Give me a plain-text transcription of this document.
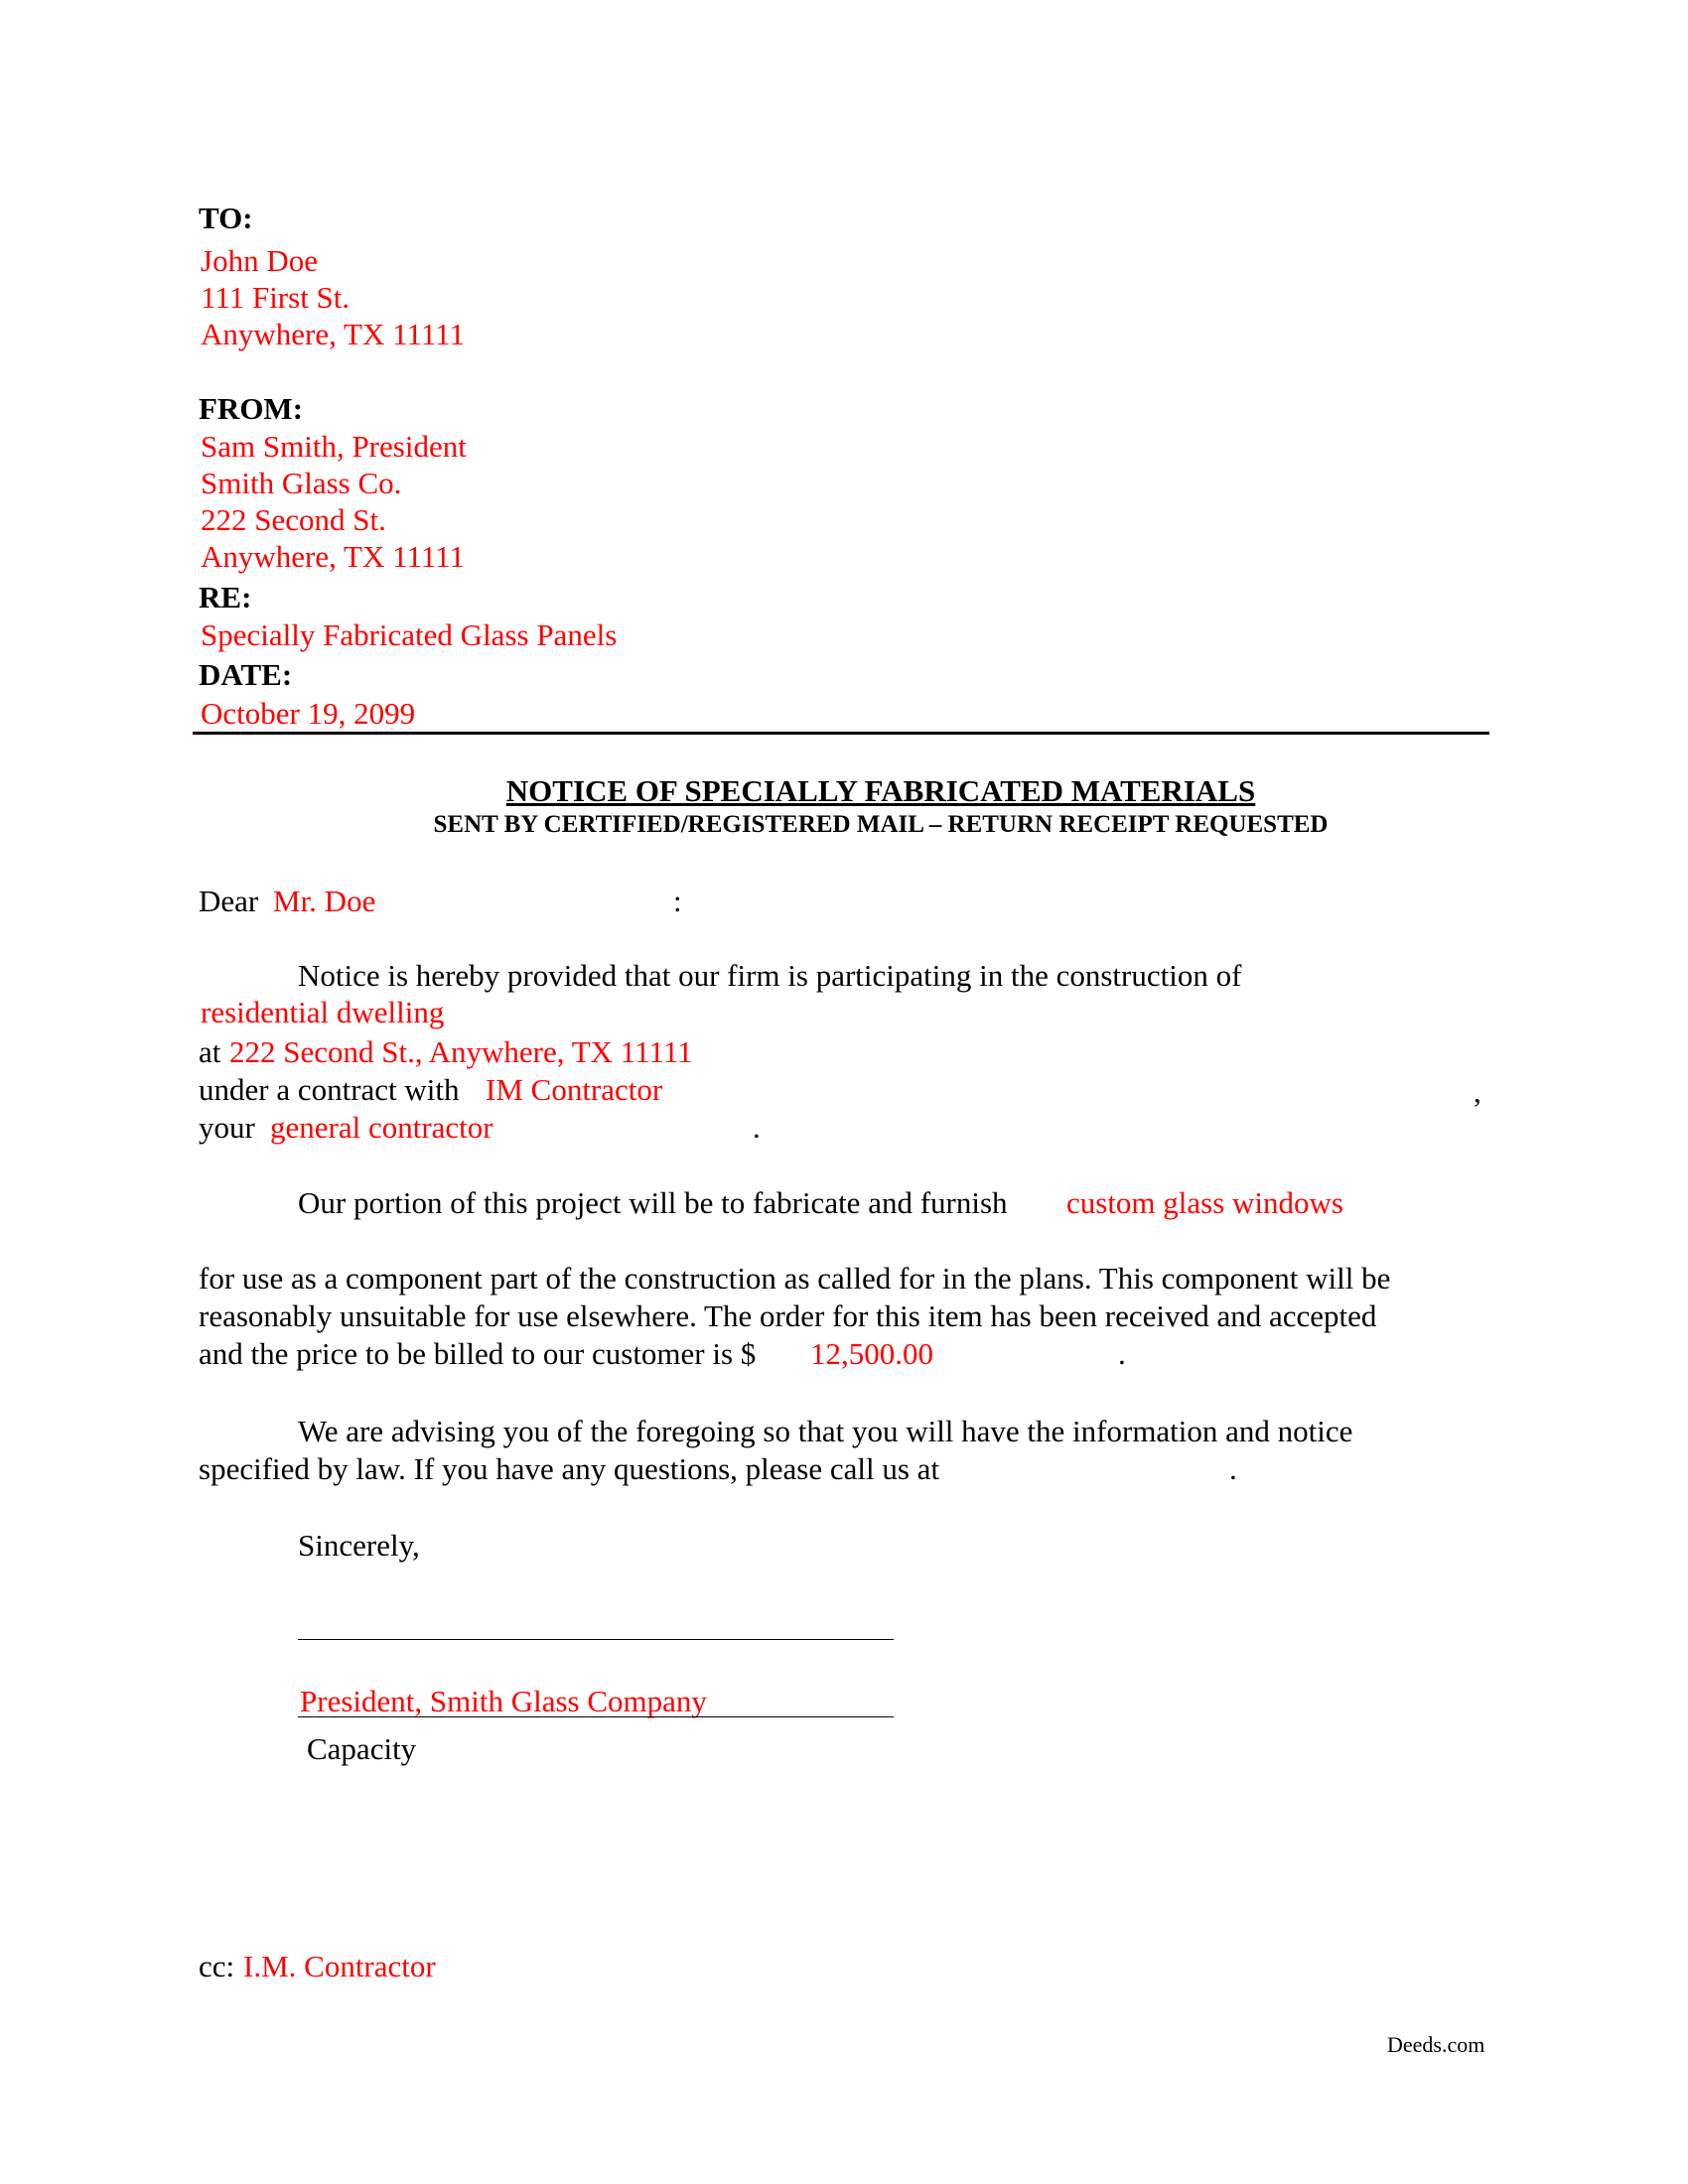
TO:
John Doe
111 First St.
Anywhere, TX 11111
FROM:
Sam Smith, President
Smith Glass Co.
222 Second St.
Anywhere, TX 11111
RE:
Specially Fabricated Glass Panels
DATE:
October 19, 2099
NOTICE OF SPECIALLY FABRICATED MATERIALS
SENT BY CERTIFIED/REGISTERED MAIL – RETURN RECEIPT REQUESTED
Dear Mr. Doe	:
Notice is hereby provided that our firm is participating in the construction of
residential dwelling
at 222 Second St., Anywhere, TX 11111
under a contract with IM Contractor	,
your general contractor	.
Our portion of this project will be to fabricate and furnish custom glass windows
for use as a component part of the construction as called for in the plans. This component will be
reasonably unsuitable for use elsewhere. The order for this item has been received and accepted
and the price to be billed to our customer is $ 12,500.00	.
We are advising you of the foregoing so that you will have the information and notice
specified by law. If you have any questions, please call us at	.
Sincerely,
President, Smith Glass Company
Capacity
cc: I.M. Contractor
Deeds.com
